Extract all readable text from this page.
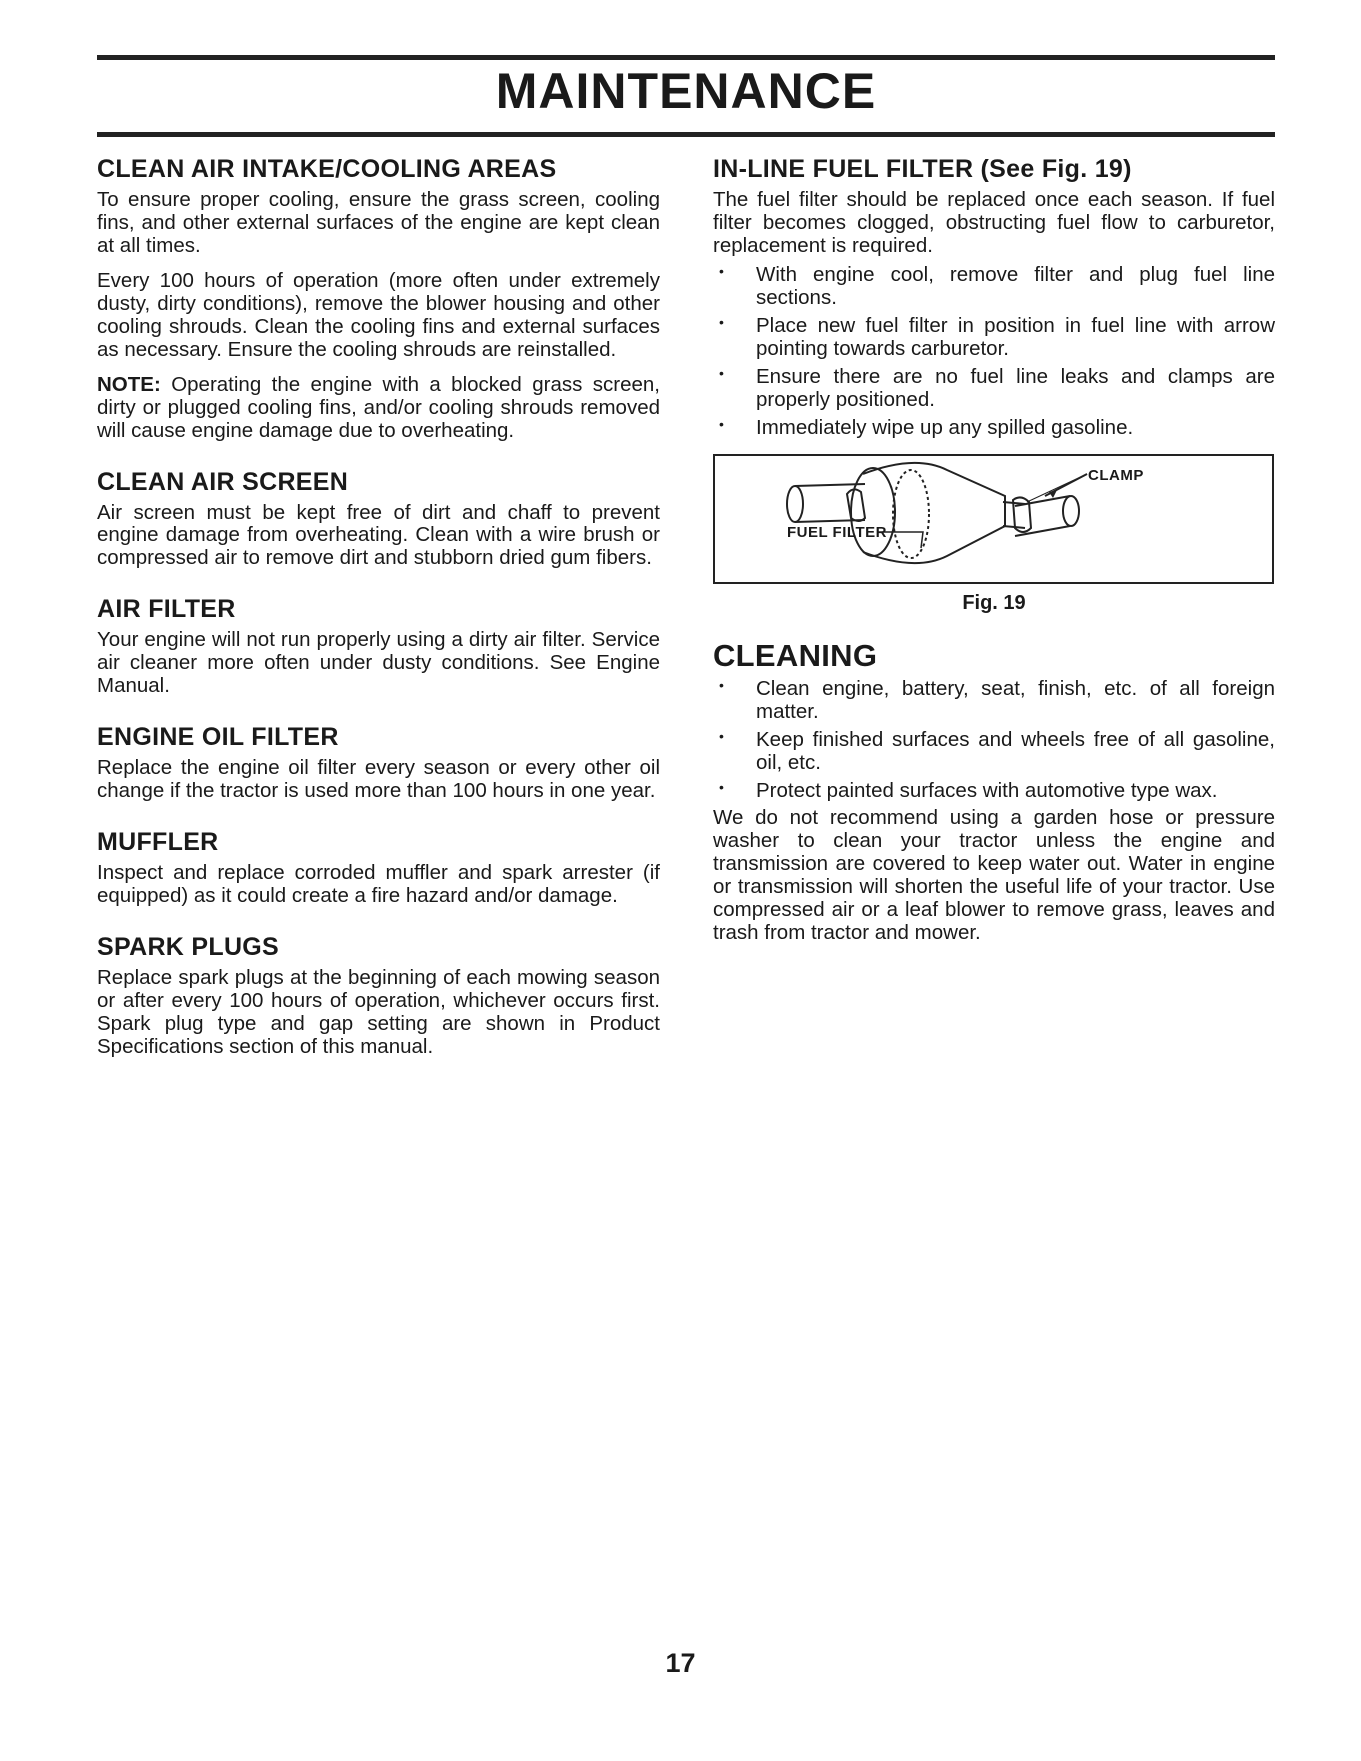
MAINTENANCE
CLEAN AIR INTAKE/COOLING AREAS

To ensure proper cooling, ensure the grass screen, cooling fins, and other external surfaces of the engine are kept clean at all times.

Every 100 hours of operation (more often under extremely dusty, dirty conditions), remove the blower housing and other cooling shrouds. Clean the cooling fins and external surfaces as necessary. Ensure the cooling shrouds are reinstalled.

NOTE: Operating the engine with a blocked grass screen, dirty or plugged cooling fins, and/or cooling shrouds removed will cause engine damage due to overheating.

CLEAN AIR SCREEN

Air screen must be kept free of dirt and chaff to prevent engine damage from overheating. Clean with a wire brush or compressed air to remove dirt and stubborn dried gum fibers.

AIR FILTER

Your engine will not run properly using a dirty air filter. Service air cleaner more often under dusty conditions. See Engine Manual.

ENGINE OIL FILTER

Replace the engine oil filter every season or every other oil change if the tractor is used more than 100 hours in one year.

MUFFLER

Inspect and replace corroded muffler and spark arrester (if equipped) as it could create a fire hazard and/or damage.

SPARK PLUGS

Replace spark plugs at the beginning of each mowing season or after every 100 hours of operation, whichever occurs first. Spark plug type and gap setting are shown in Product Specifications section of this manual.

IN-LINE FUEL FILTER (See Fig. 19)

The fuel filter should be replaced once each season. If fuel filter becomes clogged, obstructing fuel flow to carburetor, replacement is required.

• With engine cool, remove filter and plug fuel line sections.
• Place new fuel filter in position in fuel line with arrow pointing towards carburetor.
• Ensure there are no fuel line leaks and clamps are properly positioned.
• Immediately wipe up any spilled gasoline.
CLAMP
FUEL FILTER
Fig. 19
CLEANING
• Clean engine, battery, seat, finish, etc. of all foreign matter.
• Keep finished surfaces and wheels free of all gasoline, oil, etc.
• Protect painted surfaces with automotive type wax.

We do not recommend using a garden hose or pressure washer to clean your tractor unless the engine and transmission are covered to keep water out. Water in engine or transmission will shorten the useful life of your tractor. Use compressed air or a leaf blower to remove grass, leaves and trash from tractor and mower.

17
